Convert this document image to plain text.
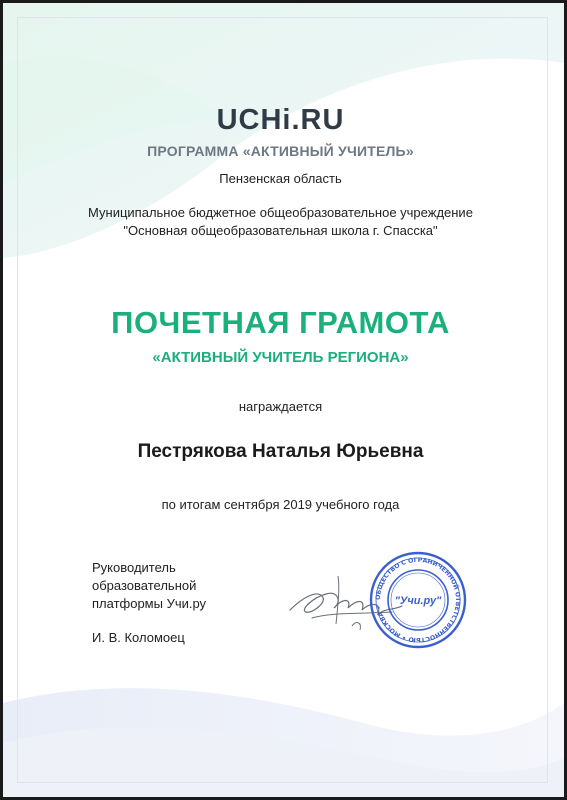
UCHi.RU
ПРОГРАММА «АКТИВНЫЙ УЧИТЕЛЬ»
Пензенская область
Муниципальное бюджетное общеобразовательное учреждение
"Основная общеобразовательная школа г. Спасска"
ПОЧЕТНАЯ ГРАМОТА
«АКТИВНЫЙ УЧИТЕЛЬ РЕГИОНА»
награждается
Пестрякова Наталья Юрьевна
по итогам сентября 2019 учебного года
Руководитель
образовательной
платформы Учи.ру
И. В. Коломоец
ОБЩЕСТВО С ОГРАНИЧЕННОЙ ОТВЕТСТВЕННОСТЬЮ • МОСКВА •
"Учи.ру"
